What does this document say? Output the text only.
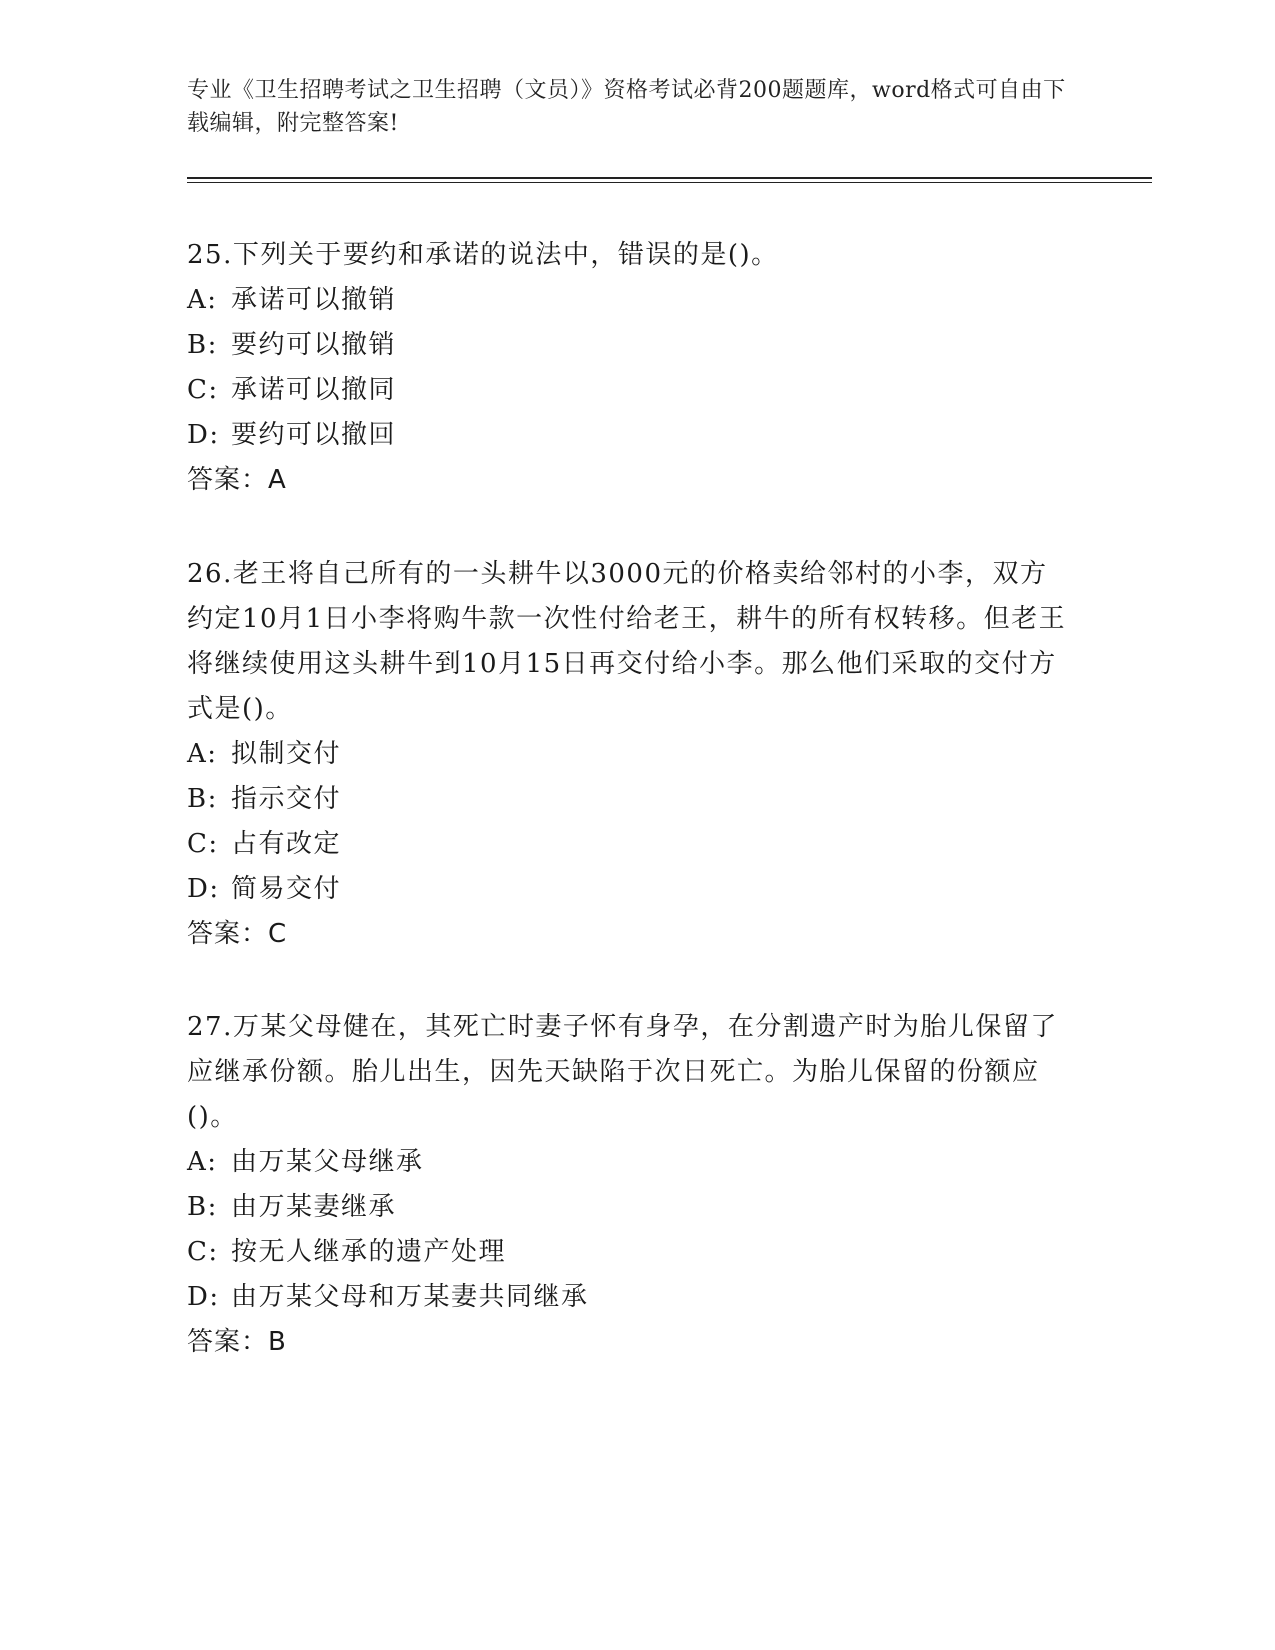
专业《卫生招聘考试之卫生招聘（文员）》资格考试必背200题题库，word格式可自由下载编辑，附完整答案!

25.下列关于要约和承诺的说法中，错误的是()。

A: 承诺可以撤销

B: 要约可以撤销

C: 承诺可以撤同

D: 要约可以撤回

答案：A

26.老王将自己所有的一头耕牛以3000元的价格卖给邻村的小李，双方约定10月1日小李将购牛款一次性付给老王，耕牛的所有权转移。但老王将继续使用这头耕牛到10月15日再交付给小李。那么他们采取的交付方式是()。

A: 拟制交付

B: 指示交付

C: 占有改定

D: 简易交付

答案：C

27.万某父母健在，其死亡时妻子怀有身孕，在分割遗产时为胎儿保留了应继承份额。胎儿出生，因先天缺陷于次日死亡。为胎儿保留的份额应()。

A: 由万某父母继承

B: 由万某妻继承

C: 按无人继承的遗产处理

D: 由万某父母和万某妻共同继承

答案：B
